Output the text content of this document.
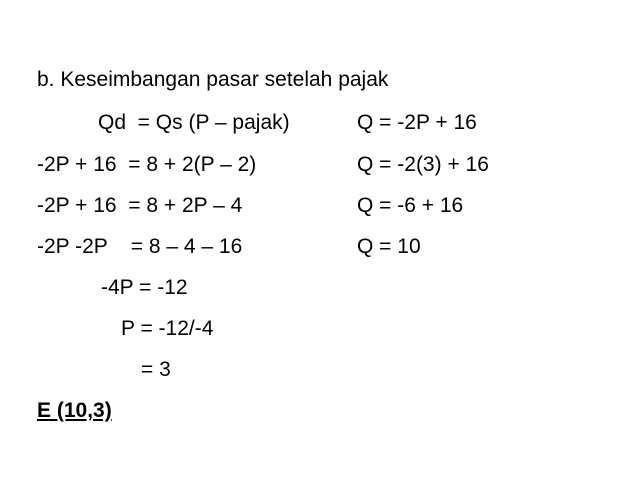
b. Keseimbangan pasar setelah pajak
Qd  = Qs (P – pajak)
-2P + 16  = 8 + 2(P – 2)
-2P + 16  = 8 + 2P – 4
-2P -2P    = 8 – 4 – 16
-4P = -12
P = -12/-4
= 3
Q = -2P + 16
Q = -2(3) + 16
Q = -6 + 16
Q = 10
E (10,3)
